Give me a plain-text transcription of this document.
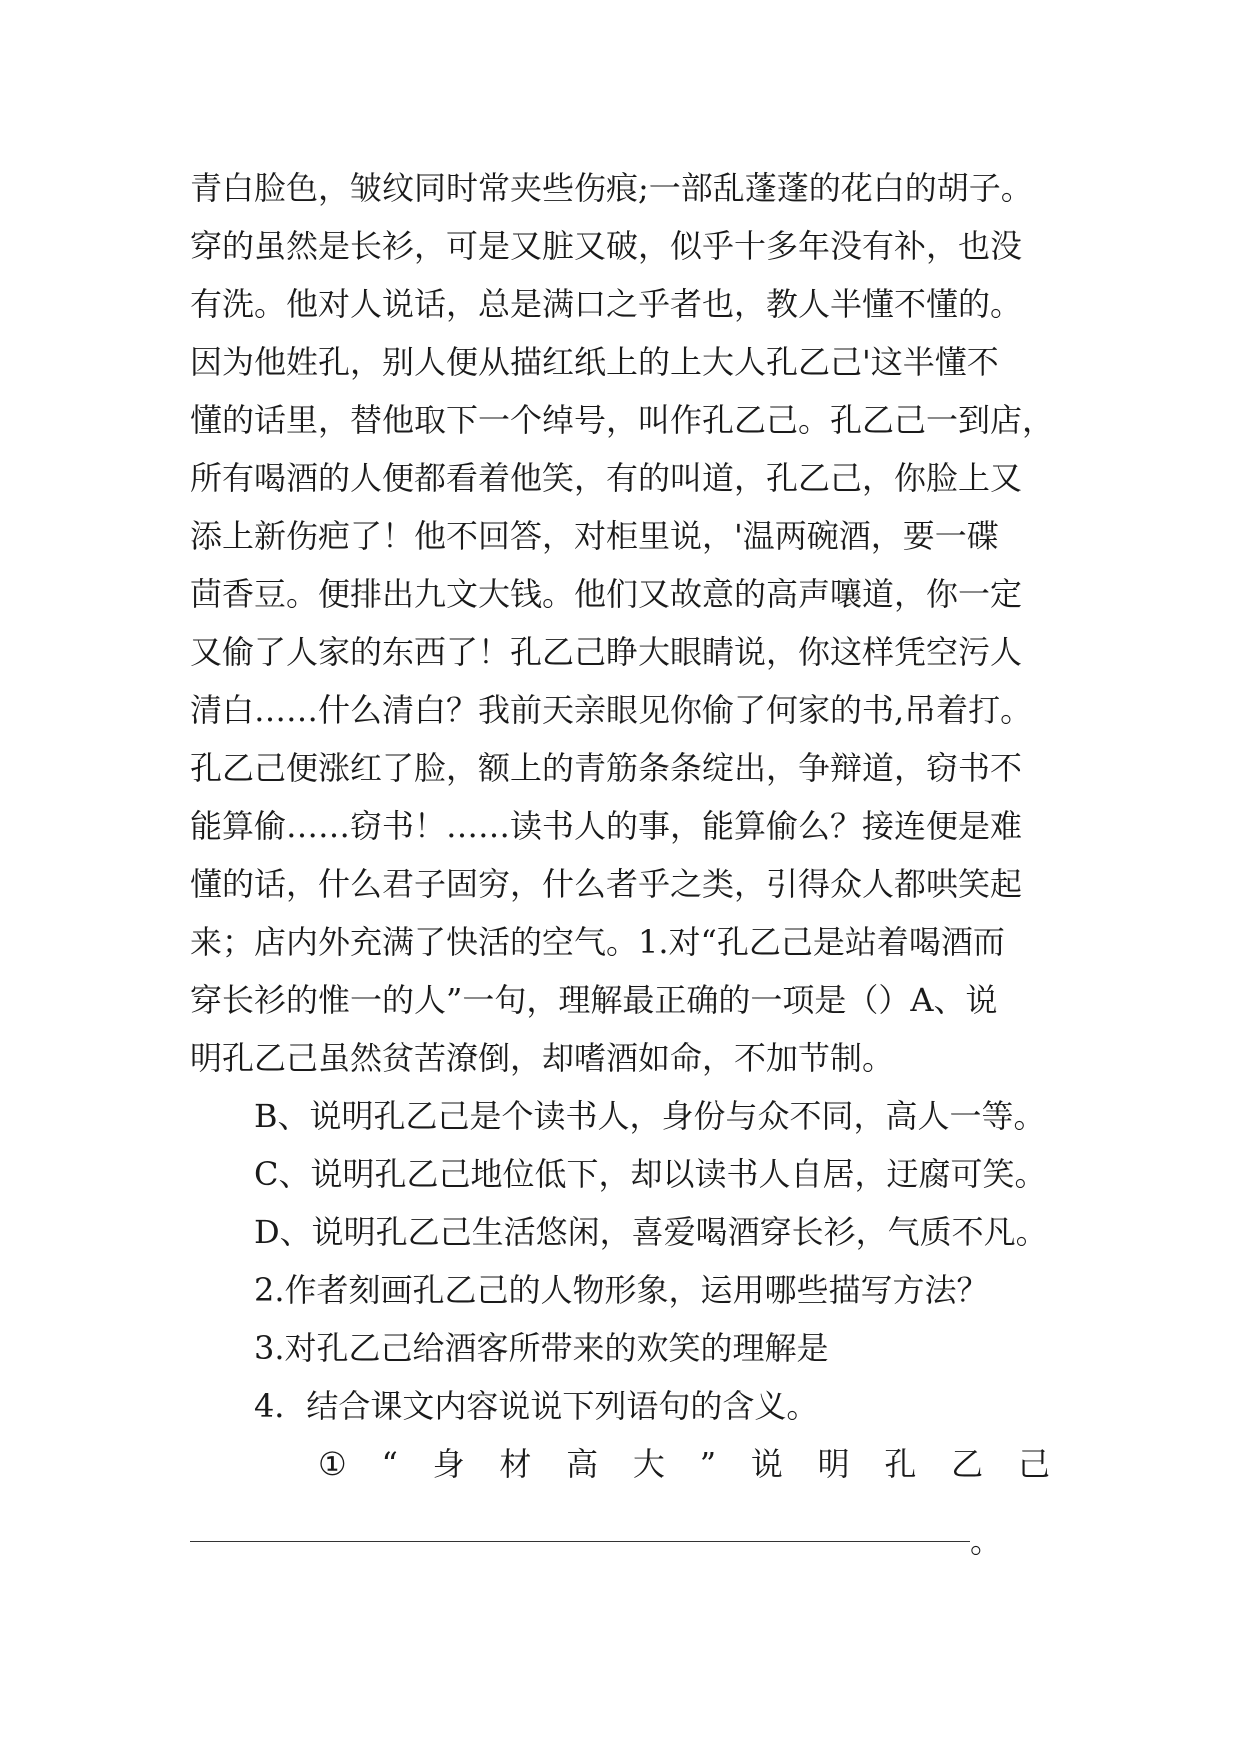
青白脸色，皱纹同时常夹些伤痕;一部乱蓬蓬的花白的胡子。
穿的虽然是长衫，可是又脏又破，似乎十多年没有补，也没
有洗。他对人说话，总是满口之乎者也，教人半懂不懂的。
因为他姓孔，别人便从描红纸上的上大人孔乙己'这半懂不
懂的话里，替他取下一个绰号，叫作孔乙己。孔乙己一到店，
所有喝酒的人便都看着他笑，有的叫道，孔乙己，你脸上又
添上新伤疤了！他不回答，对柜里说，'温两碗酒，要一碟
茴香豆。便排出九文大钱。他们又故意的高声嚷道，你一定
又偷了人家的东西了！孔乙己睁大眼睛说，你这样凭空污人
清白……什么清白？我前天亲眼见你偷了何家的书,吊着打。
孔乙己便涨红了脸，额上的青筋条条绽出，争辩道，窃书不
能算偷……窃书！……读书人的事，能算偷么？接连便是难
懂的话，什么君子固穷，什么者乎之类，引得众人都哄笑起
来；店内外充满了快活的空气。1.对“孔乙己是站着喝酒而
穿长衫的惟一的人”一句，理解最正确的一项是（）A、说
明孔乙己虽然贫苦潦倒，却嗜酒如命，不加节制。
B、说明孔乙己是个读书人，身份与众不同，高人一等。
C、说明孔乙己地位低下，却以读书人自居，迂腐可笑。
D、说明孔乙己生活悠闲，喜爱喝酒穿长衫，气质不凡。
2.作者刻画孔乙己的人物形象，运用哪些描写方法？
3.对孔乙己给酒客所带来的欢笑的理解是
4．结合课文内容说说下列语句的含义。
① “ 身 材 高 大 ” 说 明 孔 乙 己
。
